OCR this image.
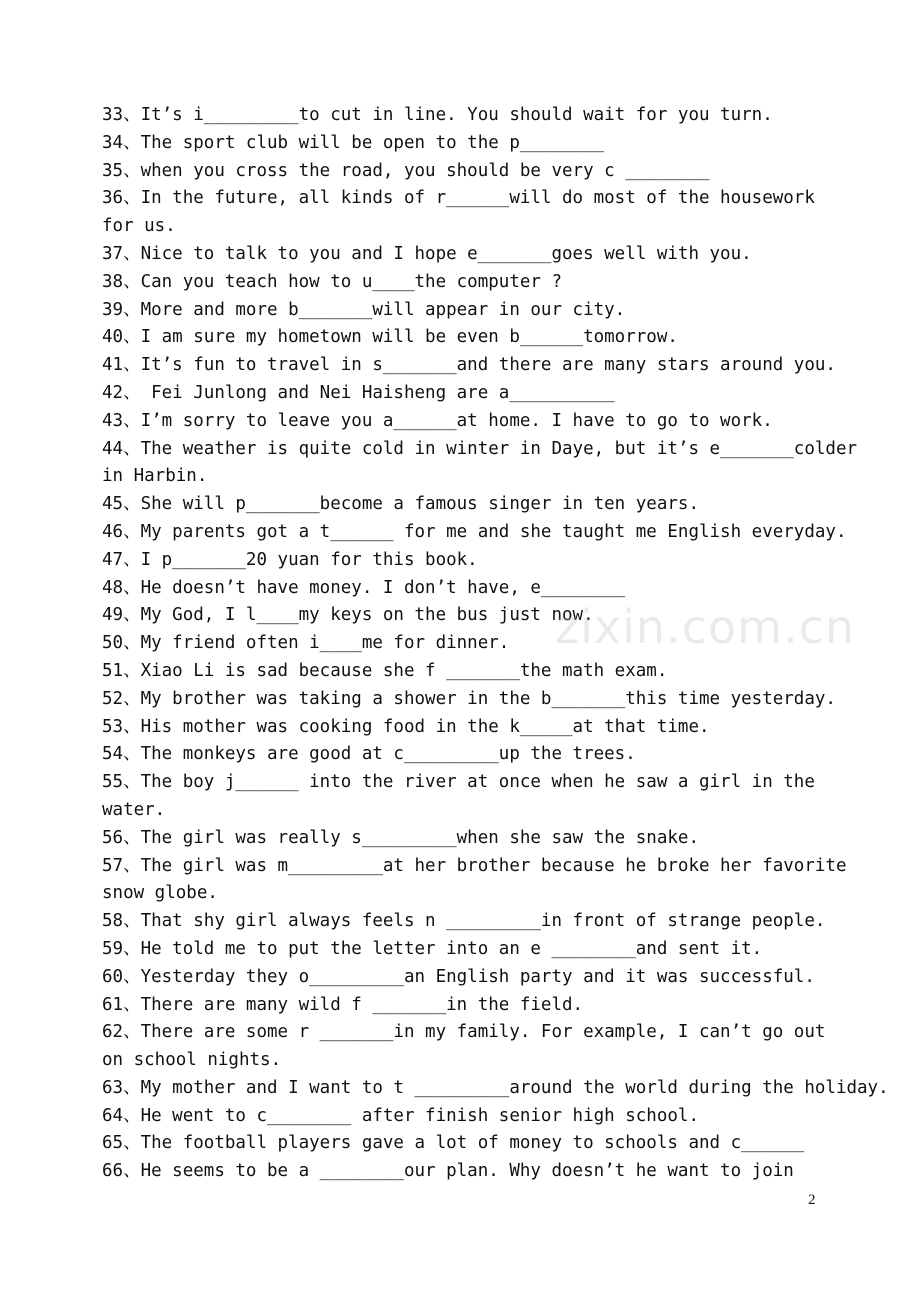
33、It’s i_________to cut in line. You should wait for you turn.
34、The sport club will be open to the p________
35、when you cross the road, you should be very c ________
36、In the future, all kinds of r______will do most of the housework
for us.
37、Nice to talk to you and I hope e_______goes well with you.
38、Can you teach how to u____the computer ?
39、More and more b_______will appear in our city.
40、I am sure my hometown will be even b______tomorrow.
41、It’s fun to travel in s_______and there are many stars around you.
42、 Fei Junlong and Nei Haisheng are a__________
43、I’m sorry to leave you a______at home. I have to go to work.
44、The weather is quite cold in winter in Daye, but it’s e_______colder
in Harbin.
45、She will p_______become a famous singer in ten years.
46、My parents got a t______ for me and she taught me English everyday.
47、I p_______20 yuan for this book.
48、He doesn’t have money. I don’t have, e________
49、My God, I l____my keys on the bus just now.
50、My friend often i____me for dinner.
51、Xiao Li is sad because she f _______the math exam.
52、My brother was taking a shower in the b_______this time yesterday.
53、His mother was cooking food in the k_____at that time.
54、The monkeys are good at c_________up the trees.
55、The boy j______ into the river at once when he saw a girl in the
water.
56、The girl was really s_________when she saw the snake.
57、The girl was m_________at her brother because he broke her favorite
snow globe.
58、That shy girl always feels n _________in front of strange people.
59、He told me to put the letter into an e ________and sent it.
60、Yesterday they o_________an English party and it was successful.
61、There are many wild f _______in the field.
62、There are some r _______in my family. For example, I can’t go out
on school nights.
63、My mother and I want to t _________around the world during the holiday.
64、He went to c________ after finish senior high school.
65、The football players gave a lot of money to schools and c______
66、He seems to be a ________our plan. Why doesn’t he want to join
zixin.com.cn
2
